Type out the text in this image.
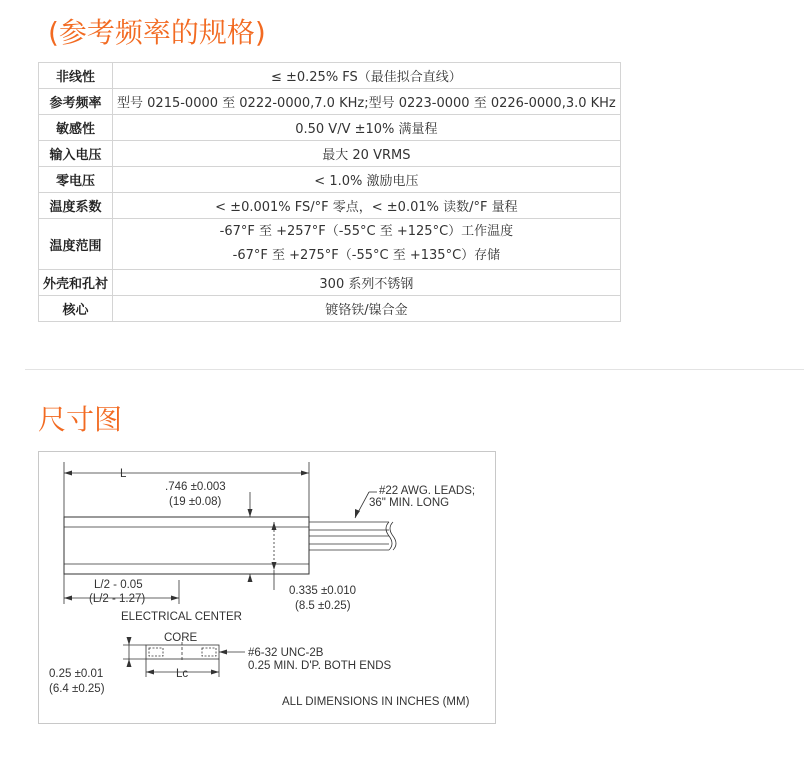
(参考频率的规格)
非线性	≤ ±0.25% FS（最佳拟合直线）
参考频率	型号 0215-0000 至 0222-0000,7.0 KHz;型号 0223-0000 至 0226-0000,3.0 KHz
敏感性	0.50 V/V ±10% 满量程
输入电压	最大 20 VRMS
零电压	< 1.0% 激励电压
温度系数	< ±0.001% FS/°F 零点，< ±0.01% 读数/°F 量程
温度范围	-67°F 至 +257°F（-55°C 至 +125°C）工作温度
-67°F 至 +275°F（-55°C 至 +135°C）存储

外壳和孔衬	300 系列不锈钢
核心	镀铬铁/镍合金
尺寸图
L
.746 ±0.003
(19 ±0.08)
#22 AWG. LEADS;
36" MIN. LONG
L/2 - 0.05
(L/2 - 1.27)
ELECTRICAL CENTER
0.335 ±0.010
(8.5 ±0.25)
CORE
#6-32 UNC-2B
0.25 MIN. D'P. BOTH ENDS
0.25 ±0.01
(6.4 ±0.25)
Lc
ALL DIMENSIONS IN INCHES (MM)
